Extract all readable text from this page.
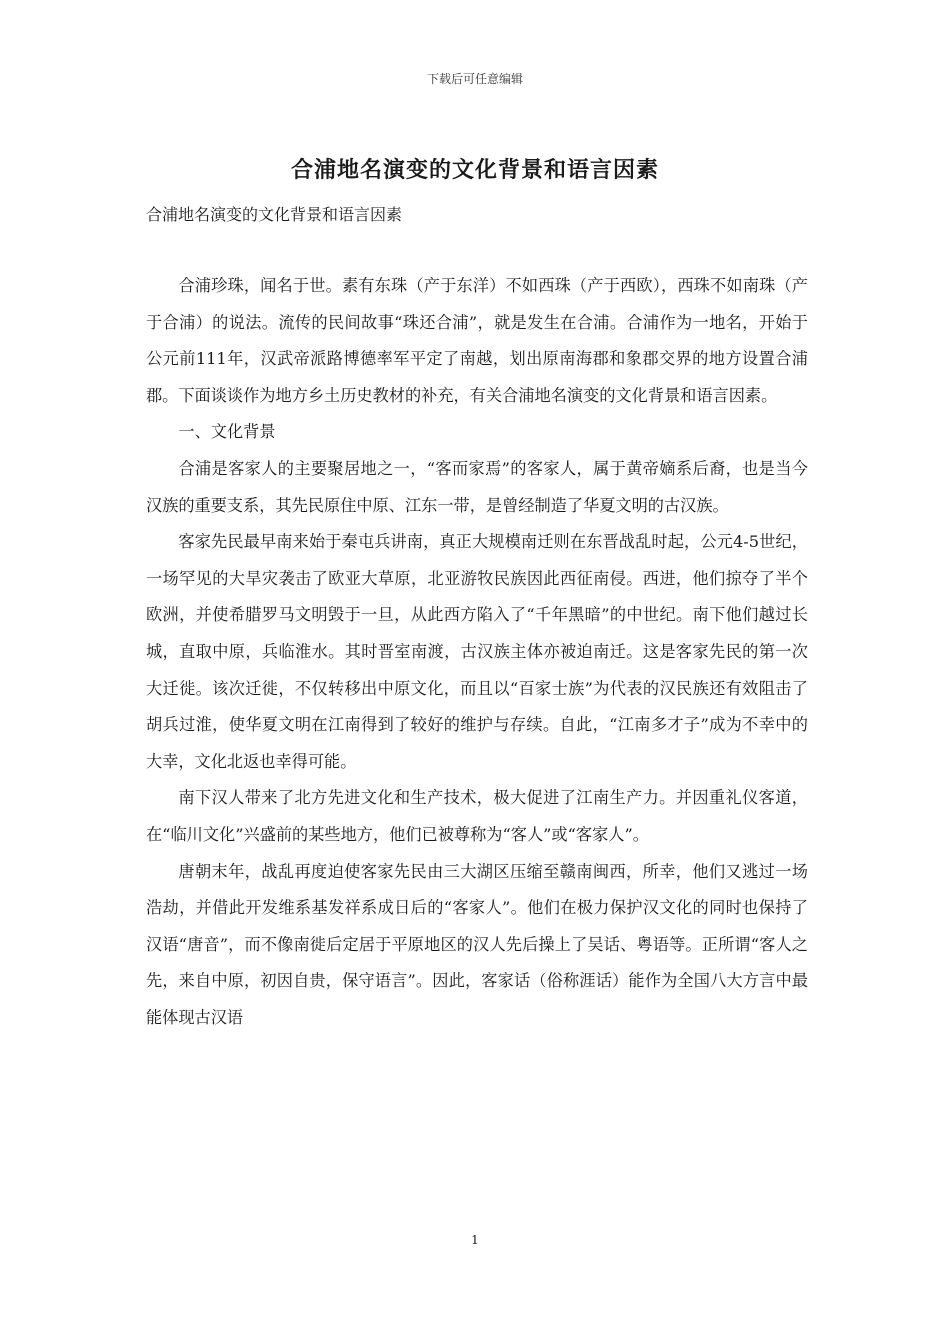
下载后可任意编辑
合浦地名演变的文化背景和语言因素
合浦地名演变的文化背景和语言因素

合浦珍珠，闻名于世。素有东珠（产于东洋）不如西珠（产于西欧），西珠不如南珠（产于合浦）的说法。流传的民间故事“珠还合浦”，就是发生在合浦。合浦作为一地名，开始于公元前111年，汉武帝派路博德率军平定了南越，划出原南海郡和象郡交界的地方设置合浦郡。下面谈谈作为地方乡土历史教材的补充，有关合浦地名演变的文化背景和语言因素。

一、文化背景

合浦是客家人的主要聚居地之一，“客而家焉”的客家人，属于黄帝嫡系后裔，也是当今汉族的重要支系，其先民原住中原、江东一带，是曾经制造了华夏文明的古汉族。

客家先民最早南来始于秦屯兵讲南，真正大规模南迁则在东晋战乱时起，公元4-5世纪，一场罕见的大旱灾袭击了欧亚大草原，北亚游牧民族因此西征南侵。西进，他们掠夺了半个欧洲，并使希腊罗马文明毁于一旦，从此西方陷入了“千年黑暗”的中世纪。南下他们越过长城，直取中原，兵临淮水。其时晋室南渡，古汉族主体亦被迫南迁。这是客家先民的第一次大迁徙。该次迁徙，不仅转移出中原文化，而且以“百家士族”为代表的汉民族还有效阻击了胡兵过淮，使华夏文明在江南得到了较好的维护与存续。自此，“江南多才子”成为不幸中的大幸，文化北返也幸得可能。

南下汉人带来了北方先进文化和生产技术，极大促进了江南生产力。并因重礼仪客道，在“临川文化”兴盛前的某些地方，他们已被尊称为“客人”或“客家人”。

唐朝末年，战乱再度迫使客家先民由三大湖区压缩至赣南闽西，所幸，他们又逃过一场浩劫，并借此开发维系基发祥系成日后的“客家人”。他们在极力保护汉文化的同时也保持了汉语“唐音”，而不像南徙后定居于平原地区的汉人先后操上了吴话、粤语等。正所谓“客人之先，来自中原，初因自贵，保守语言”。因此，客家话（俗称涯话）能作为全国八大方言中最能体现古汉语

1
